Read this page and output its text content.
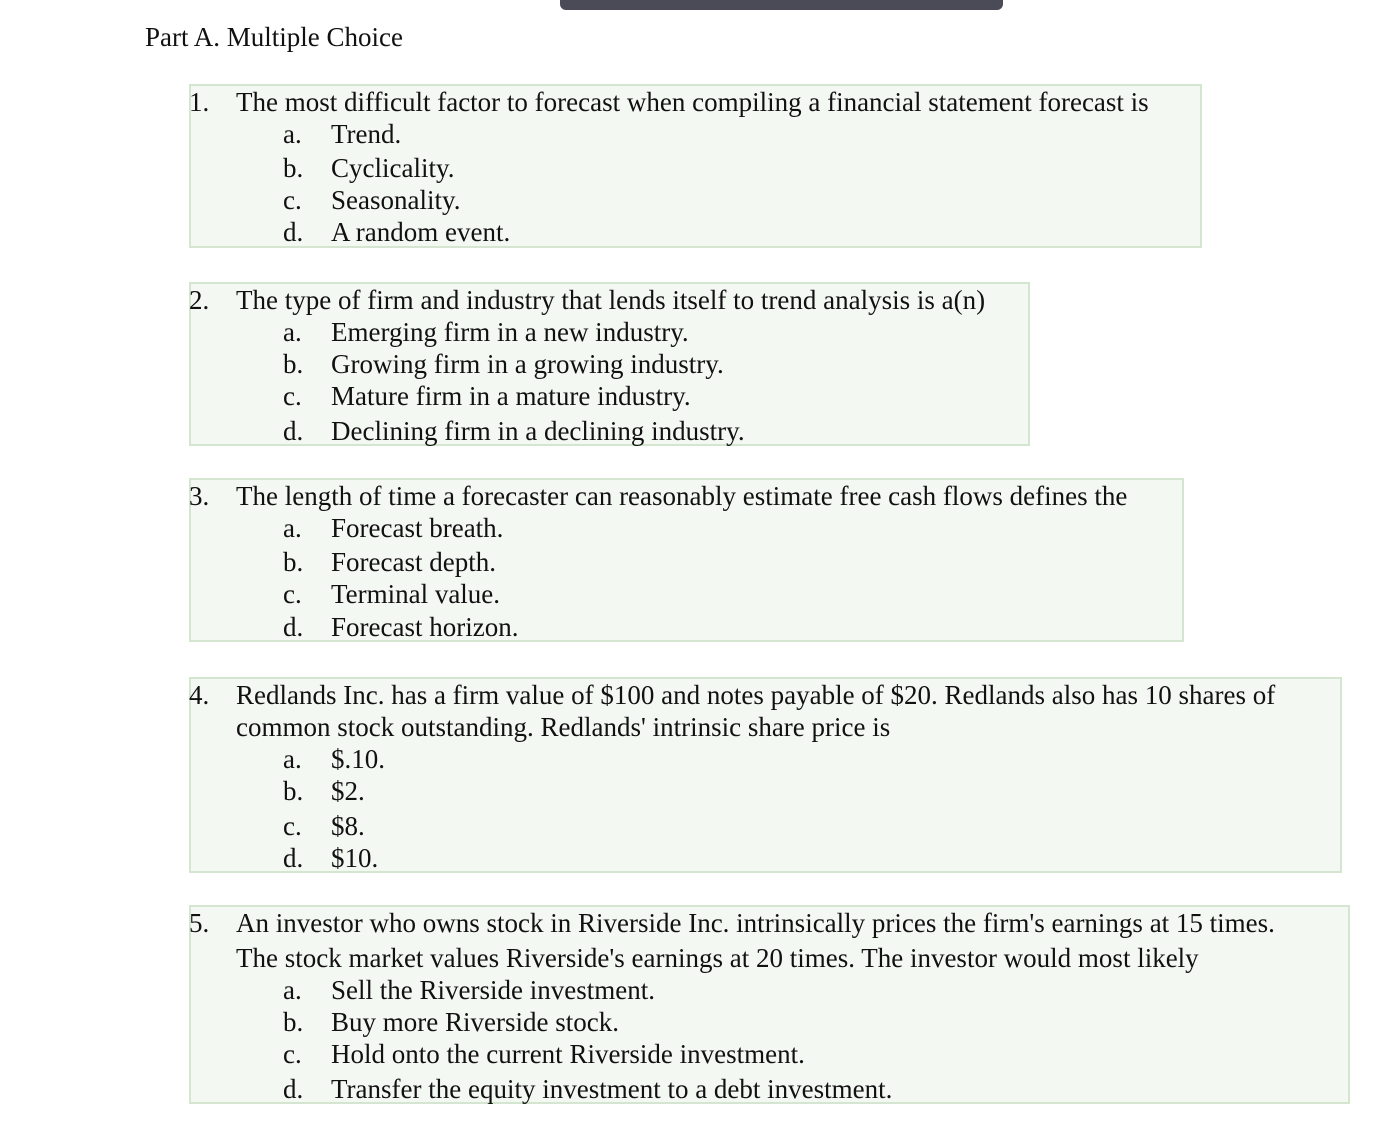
Part A. Multiple Choice
1. The most difficult factor to forecast when compiling a financial statement forecast is
a. Trend.
b. Cyclicality.
c. Seasonality.
d. A random event.
2. The type of firm and industry that lends itself to trend analysis is a(n)
a. Emerging firm in a new industry.
b. Growing firm in a growing industry.
c. Mature firm in a mature industry.
d. Declining firm in a declining industry.
3. The length of time a forecaster can reasonably estimate free cash flows defines the
a. Forecast breath.
b. Forecast depth.
c. Terminal value.
d. Forecast horizon.
4. Redlands Inc. has a firm value of $100 and notes payable of $20. Redlands also has 10 shares of
common stock outstanding. Redlands' intrinsic share price is
a. $.10.
b. $2.
c. $8.
d. $10.
5. An investor who owns stock in Riverside Inc. intrinsically prices the firm's earnings at 15 times.
The stock market values Riverside's earnings at 20 times. The investor would most likely
a. Sell the Riverside investment.
b. Buy more Riverside stock.
c. Hold onto the current Riverside investment.
d. Transfer the equity investment to a debt investment.
